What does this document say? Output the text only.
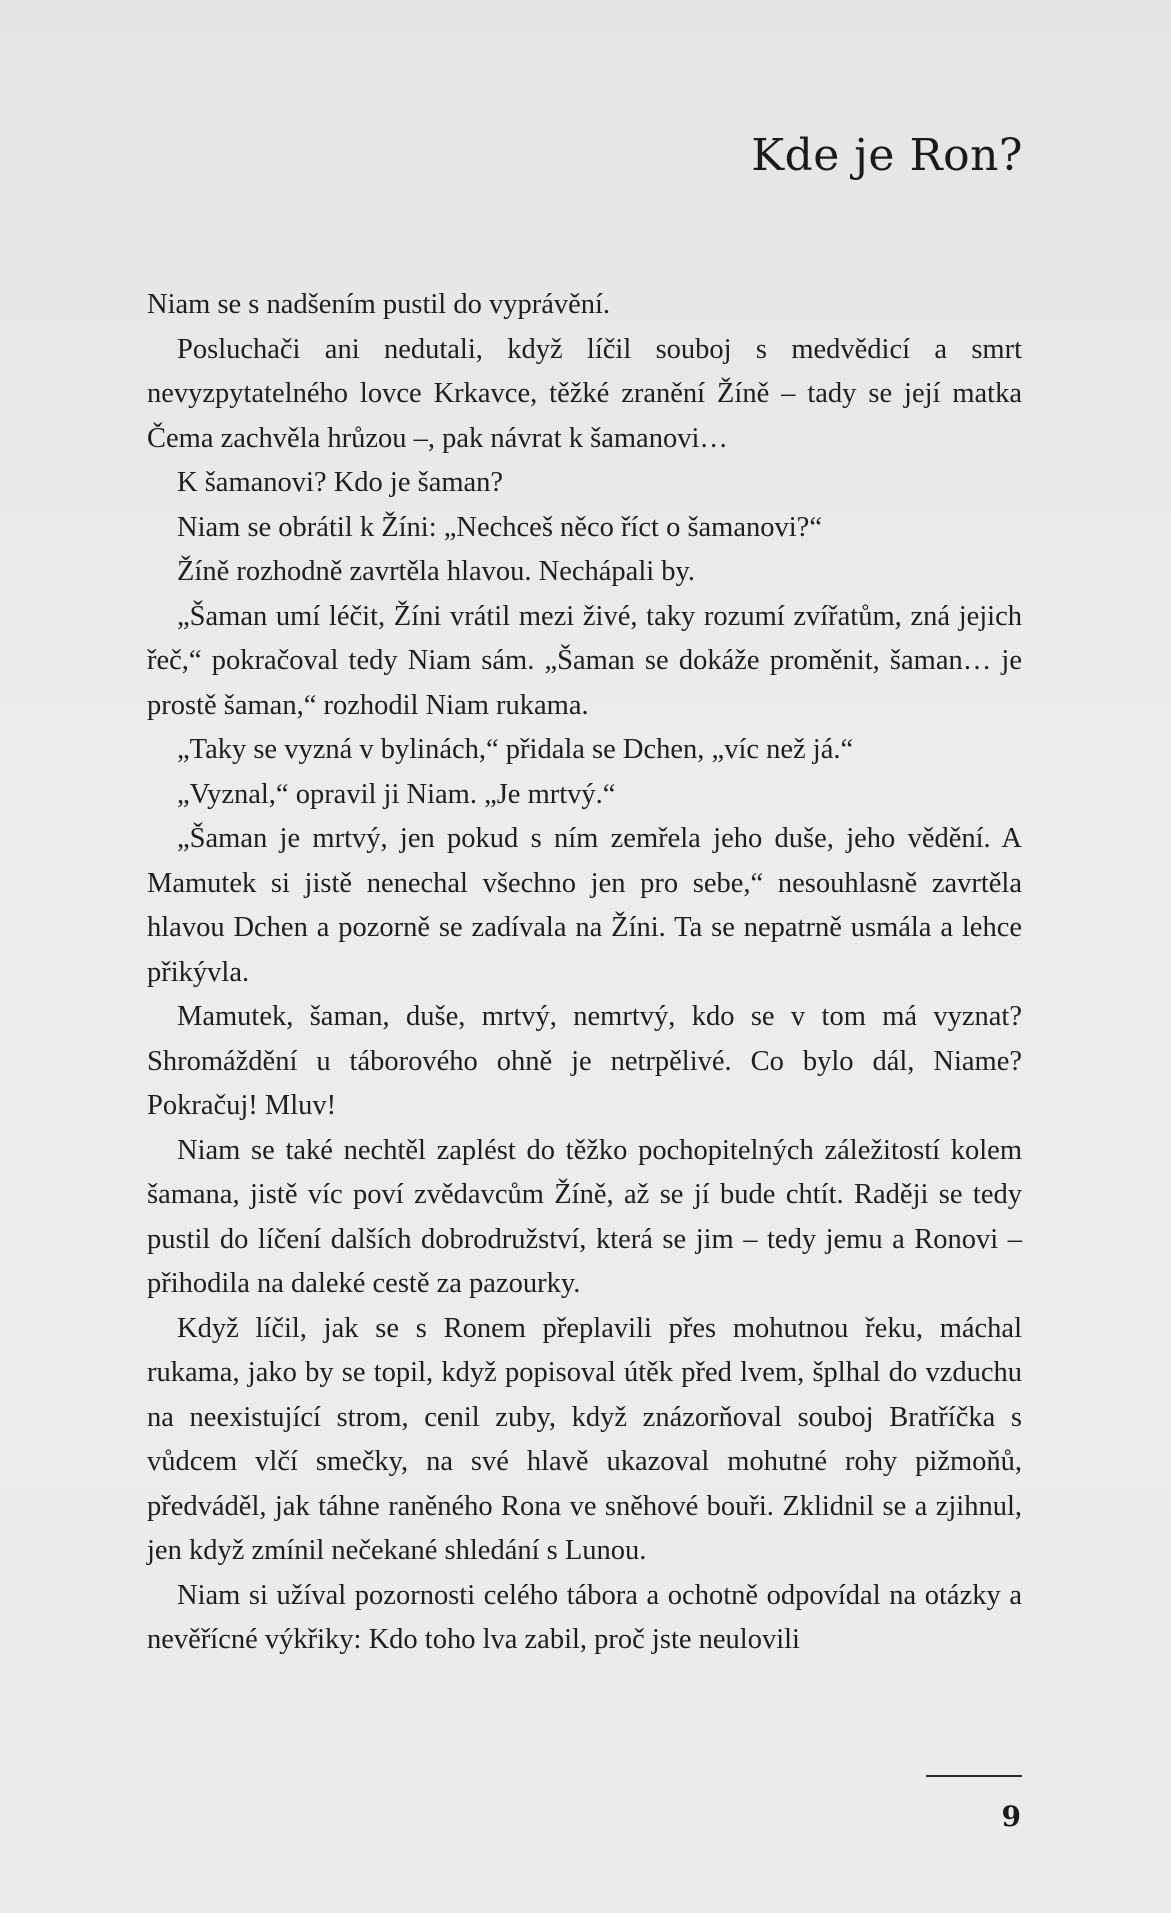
Kde je Ron?

Niam se s nadšením pustil do vyprávění.

Posluchači ani nedutali, když líčil souboj s medvědicí a smrt nevyzpytatelného lovce Krkavce, těžké zranění Žíně – tady se její matka Čema zachvěla hrůzou –, pak návrat k šamanovi…

K šamanovi? Kdo je šaman?

Niam se obrátil k Žíni: „Nechceš něco říct o šamanovi?“

Žíně rozhodně zavrtěla hlavou. Nechápali by.

„Šaman umí léčit, Žíni vrátil mezi živé, taky rozumí zvířatům, zná jejich řeč,“ pokračoval tedy Niam sám. „Šaman se dokáže proměnit, šaman… je prostě šaman,“ rozhodil Niam rukama.

„Taky se vyzná v bylinách,“ přidala se Dchen, „víc než já.“

„Vyznal,“ opravil ji Niam. „Je mrtvý.“

„Šaman je mrtvý, jen pokud s ním zemřela jeho duše, jeho vědění. A Mamutek si jistě nenechal všechno jen pro sebe,“ nesouhlasně zavrtěla hlavou Dchen a pozorně se zadívala na Žíni. Ta se nepatrně usmála a lehce přikývla.

Mamutek, šaman, duše, mrtvý, nemrtvý, kdo se v tom má vyznat? Shromáždění u táborového ohně je netrpělivé. Co bylo dál, Niame? Pokračuj! Mluv!

Niam se také nechtěl zaplést do těžko pochopitelných záležitostí kolem šamana, jistě víc poví zvědavcům Žíně, až se jí bude chtít. Raději se tedy pustil do líčení dalších dobrodružství, která se jim – tedy jemu a Ronovi – přihodila na daleké cestě za pazourky.

Když líčil, jak se s Ronem přeplavili přes mohutnou řeku, máchal rukama, jako by se topil, když popisoval útěk před lvem, šplhal do vzduchu na neexistující strom, cenil zuby, když znázorňoval souboj Bratříčka s vůdcem vlčí smečky, na své hlavě ukazoval mohutné rohy pižmoňů, předváděl, jak táhne raněného Rona ve sněhové bouři. Zklidnil se a zjihnul, jen když zmínil nečekané shledání s Lunou.

Niam si užíval pozornosti celého tábora a ochotně odpovídal na otázky a nevěřícné výkřiky: Kdo toho lva zabil, proč jste neulovili

9
